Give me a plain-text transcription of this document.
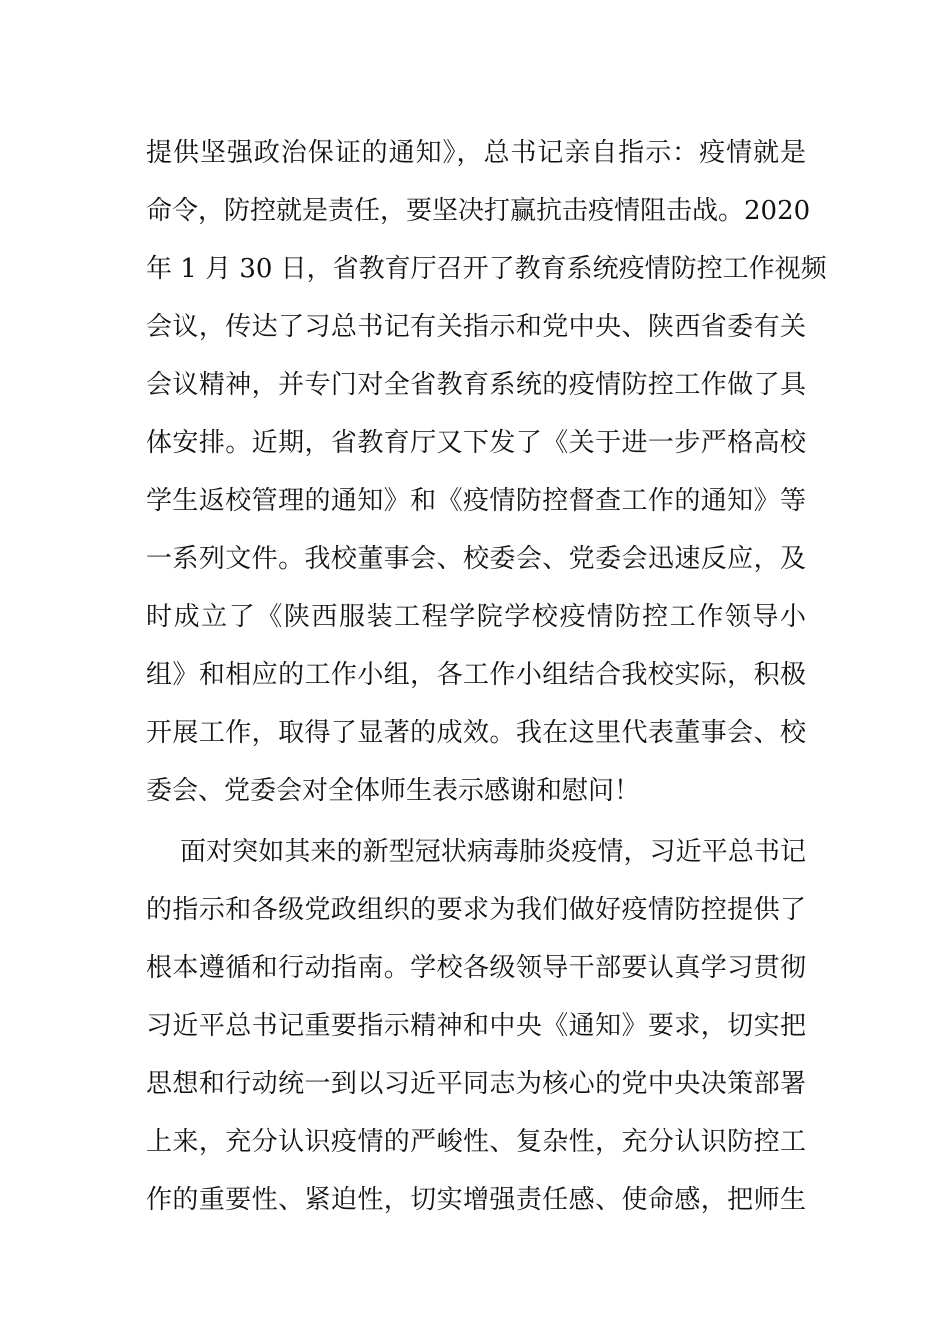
提供坚强政治保证的通知》，总书记亲自指示：疫情就是
命令，防控就是责任，要坚决打赢抗击疫情阻击战。2020
年 1 月 30 日，省教育厅召开了教育系统疫情防控工作视频
会议，传达了习总书记有关指示和党中央、陕西省委有关
会议精神，并专门对全省教育系统的疫情防控工作做了具
体安排。近期，省教育厅又下发了《关于进一步严格高校
学生返校管理的通知》和《疫情防控督查工作的通知》等
一系列文件。我校董事会、校委会、党委会迅速反应，及
时成立了《陕西服装工程学院学校疫情防控工作领导小
组》和相应的工作小组，各工作小组结合我校实际，积极
开展工作，取得了显著的成效。我在这里代表董事会、校
委会、党委会对全体师生表示感谢和慰问！
面对突如其来的新型冠状病毒肺炎疫情，习近平总书记
的指示和各级党政组织的要求为我们做好疫情防控提供了
根本遵循和行动指南。学校各级领导干部要认真学习贯彻
习近平总书记重要指示精神和中央《通知》要求，切实把
思想和行动统一到以习近平同志为核心的党中央决策部署
上来，充分认识疫情的严峻性、复杂性，充分认识防控工
作的重要性、紧迫性，切实增强责任感、使命感，把师生
